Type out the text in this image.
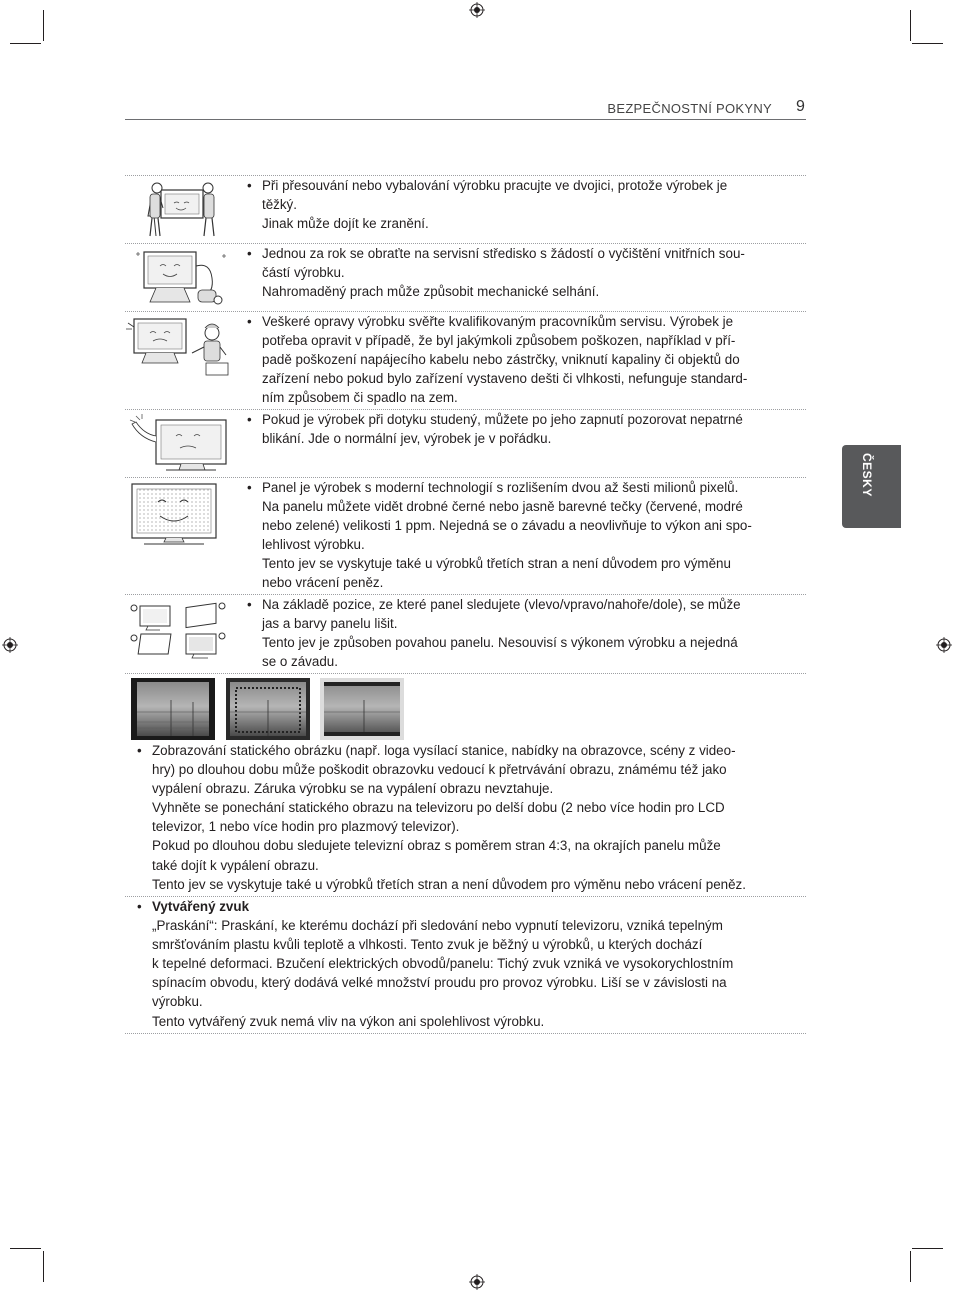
BEZPEČNOSTNÍ POKYNY 9
ČESKY
• Při přesouvání nebo vybalování výrobku pracujte ve dvojici, protože výrobek je

těžký.

Jinak může dojít ke zranění.

• Jednou za rok se obraťte na servisní středisko s žádostí o vyčištění vnitřních sou-

částí výrobku.

Nahromaděný prach může způsobit mechanické selhání.

• Veškeré opravy výrobku svěřte kvalifikovaným pracovníkům servisu. Výrobek je

potřeba opravit v případě, že byl jakýmkoli způsobem poškozen, například v pří-

padě poškození napájecího kabelu nebo zástrčky, vniknutí kapaliny či objektů do

zařízení nebo pokud bylo zařízení vystaveno dešti či vlhkosti, nefunguje standard-

ním způsobem či spadlo na zem.

• Pokud je výrobek při dotyku studený, můžete po jeho zapnutí pozorovat nepatrné

blikání. Jde o normální jev, výrobek je v pořádku.

• Panel je výrobek s moderní technologií s rozlišením dvou až šesti milionů pixelů.

Na panelu můžete vidět drobné černé nebo jasně barevné tečky (červené, modré

nebo zelené) velikosti 1 ppm. Nejedná se o závadu a neovlivňuje to výkon ani spo-

lehlivost výrobku.

Tento jev se vyskytuje také u výrobků třetích stran a není důvodem pro výměnu

nebo vrácení peněz.

• Na základě pozice, ze které panel sledujete (vlevo/vpravo/nahoře/dole), se může

jas a barvy panelu lišit.

Tento jev je způsoben povahou panelu. Nesouvisí s výkonem výrobku a nejedná

se o závadu.

• Zobrazování statického obrázku (např. loga vysílací stanice, nabídky na obrazovce, scény z video-

hry) po dlouhou dobu může poškodit obrazovku vedoucí k přetrvávání obrazu, známému též jako

vypálení obrazu. Záruka výrobku se na vypálení obrazu nevztahuje.

Vyhněte se ponechání statického obrazu na televizoru po delší dobu (2 nebo více hodin pro LCD

televizor, 1 nebo více hodin pro plazmový televizor).

Pokud po dlouhou dobu sledujete televizní obraz s poměrem stran 4:3, na okrajích panelu může

také dojít k vypálení obrazu.

Tento jev se vyskytuje také u výrobků třetích stran a není důvodem pro výměnu nebo vrácení peněz.

• Vytvářený zvuk

„Praskání“: Praskání, ke kterému dochází při sledování nebo vypnutí televizoru, vzniká tepelným

smršťováním plastu kvůli teplotě a vlhkosti. Tento zvuk je běžný u výrobků, u kterých dochází

k tepelné deformaci. Bzučení elektrických obvodů/panelu: Tichý zvuk vzniká ve vysokorychlostním

spínacím obvodu, který dodává velké množství proudu pro provoz výrobku. Liší se v závislosti na

výrobku.

Tento vytvářený zvuk nemá vliv na výkon ani spolehlivost výrobku.
